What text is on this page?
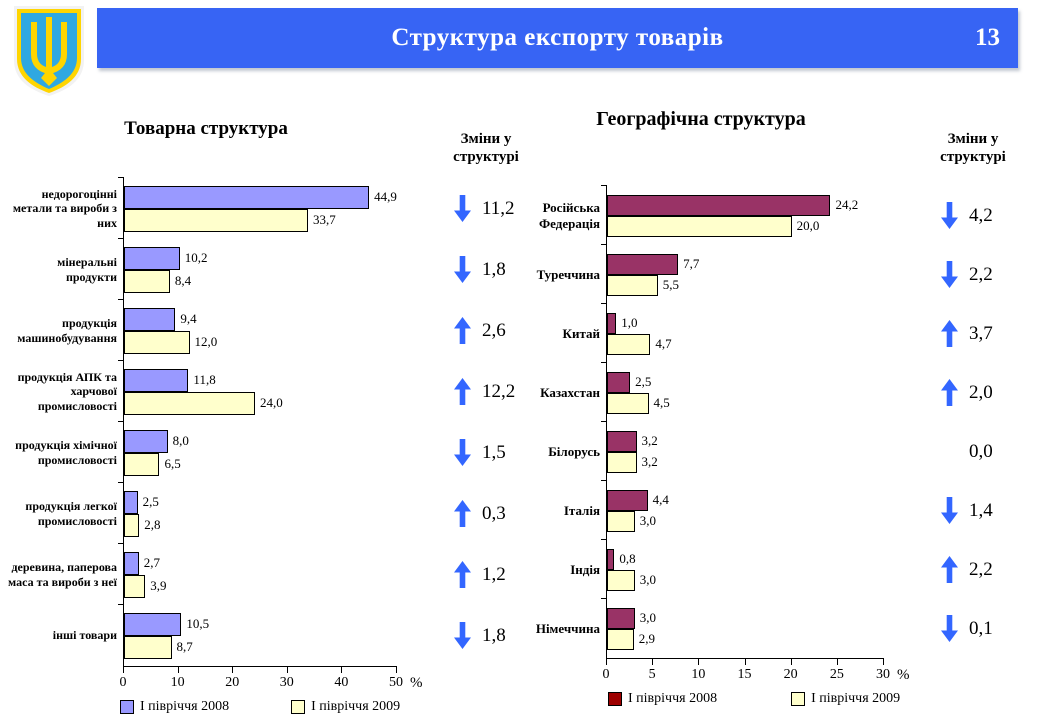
Структура експорту товарів	13
Товарна структура
недорогоцінні метали та вироби з них
мінеральні продукти
продукція машинобудування
продукція АПК та харчової промисловості
продукція хімічної промисловості
продукція легкої промисловості
деревина, паперова маса та вироби з неї
інші товари
44,9
33,7
10,2
8,4
9,4
12,0
11,8
24,0
8,0
6,5
2,5
2,8
2,7
3,9
10,5
8,7
0	10	20	30	40	50 %
І півріччя 2008	І півріччя 2009
Зміни у структурі
11,2
1,8
2,6
12,2
1,5
0,3
1,2
1,8
Географічна структура
Російська Федерація
Туреччина
Китай
Казахстан
Білорусь
Італія
Індія
Німеччина
24,2
20,0
7,7
5,5
1,0
4,7
2,5
4,5
3,2
3,2
4,4
3,0
0,8
3,0
3,0
2,9
0	5	10 15 20 25 30 %
І півріччя 2008	І півріччя 2009
Зміни у структурі
4,2
2,2
3,7
2,0
0,0
1,4
2,2
0,1
